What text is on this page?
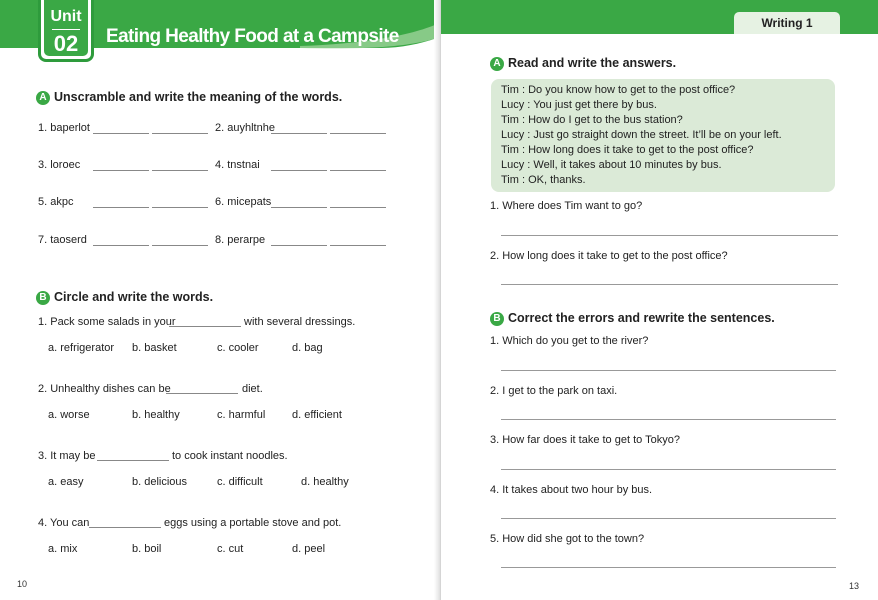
Unit
02	Eating Healthy Food at a Campsite
A Unscramble and write the meaning of the words.
1. baperlot	2. auyhltnhe
3. loroec	4. tnstnai
5. akpc	6. micepats
7. taoserd	8. perarpe
B Circle and write the words.
1. Pack some salads in your	with several dressings.
a. refrigerator b. basket	c. cooler	d. bag
2. Unhealthy dishes can be	diet.
a. worse	b. healthy	c. harmful d. efficient
3. It may be	to cook instant noodles.
a. easy	b. delicious	c. difficult	d. healthy
4. You can	eggs using a portable stove and pot.
a. mix	b. boil	c. cut	d. peel
10
Writing 1
A Read and write the answers.
Tim : Do you know how to get to the post office?
Lucy : You just get there by bus.
Tim : How do I get to the bus station?
Lucy : Just go straight down the street. It’ll be on your left.
Tim : How long does it take to get to the post office?
Lucy : Well, it takes about 10 minutes by bus.
Tim : OK, thanks.
1. Where does Tim want to go?
2. How long does it take to get to the post office?
B Correct the errors and rewrite the sentences.
1. Which do you get to the river?
2. I get to the park on taxi.
3. How far does it take to get to Tokyo?
4. It takes about two hour by bus.
5. How did she got to the town?
13
